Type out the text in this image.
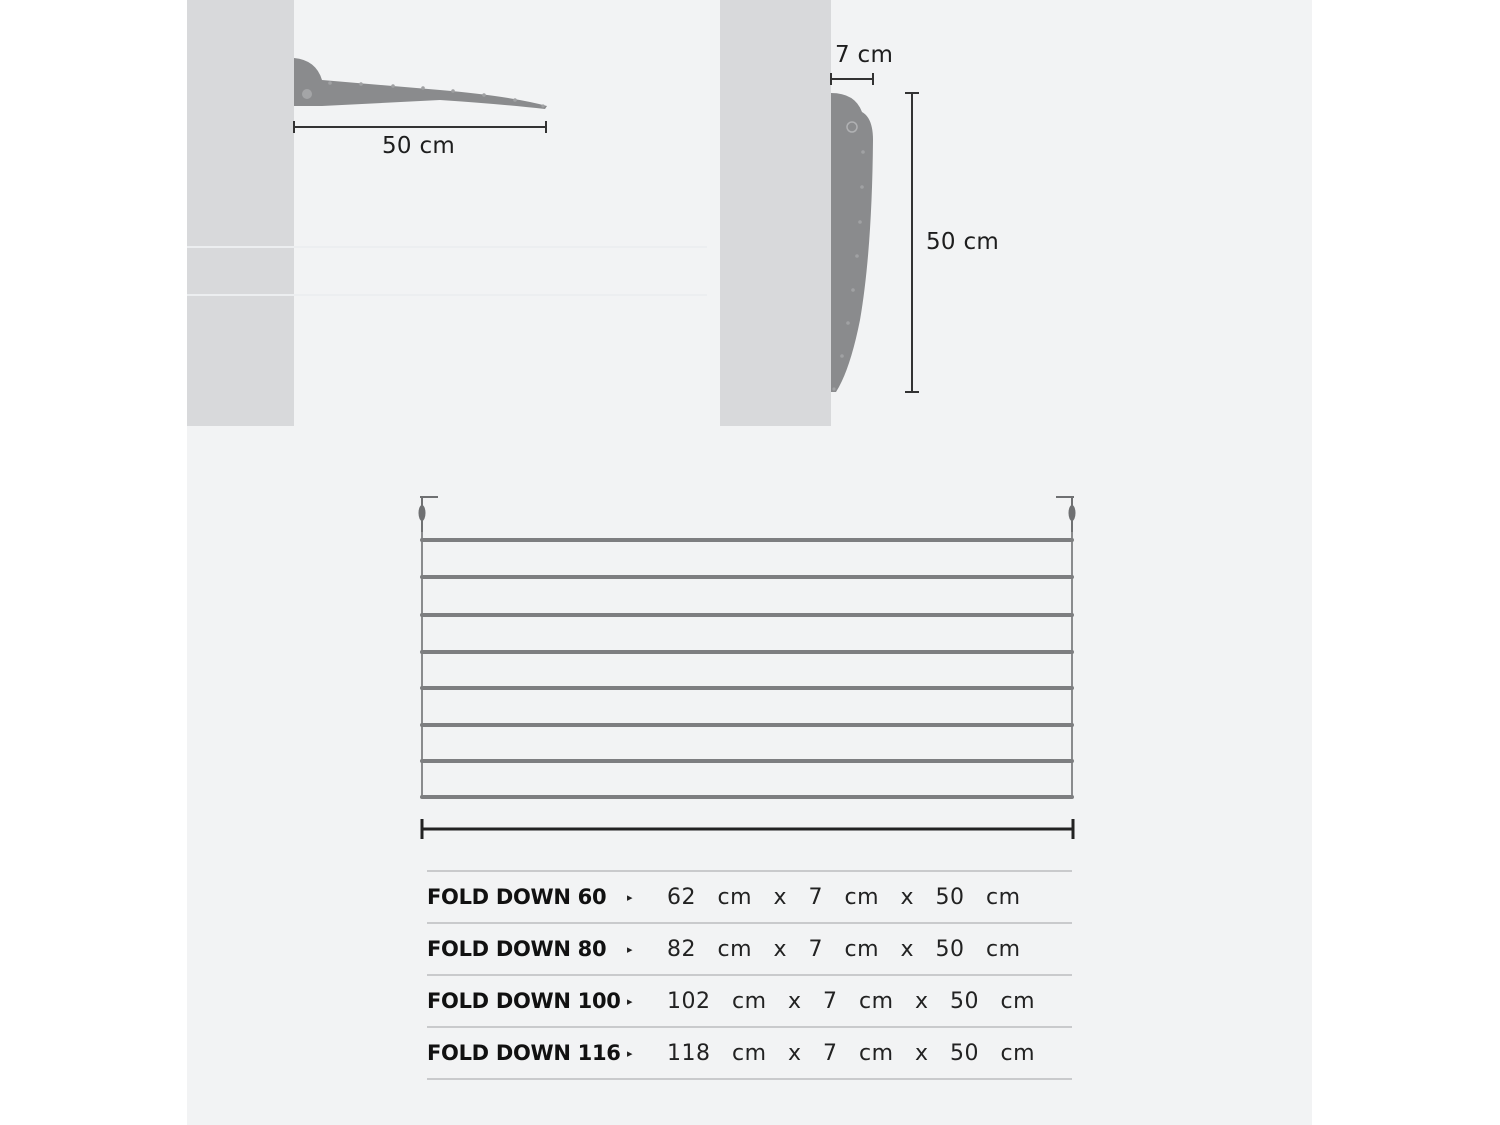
50 cm
7 cm
50 cm
FOLD DOWN 60	▸	62 cm x 7 cm x 50 cm
FOLD DOWN 80	▸	82 cm x 7 cm x 50 cm
FOLD DOWN 100 ▸	102 cm x 7 cm x 50 cm
FOLD DOWN 116 ▸	118 cm x 7 cm x 50 cm
